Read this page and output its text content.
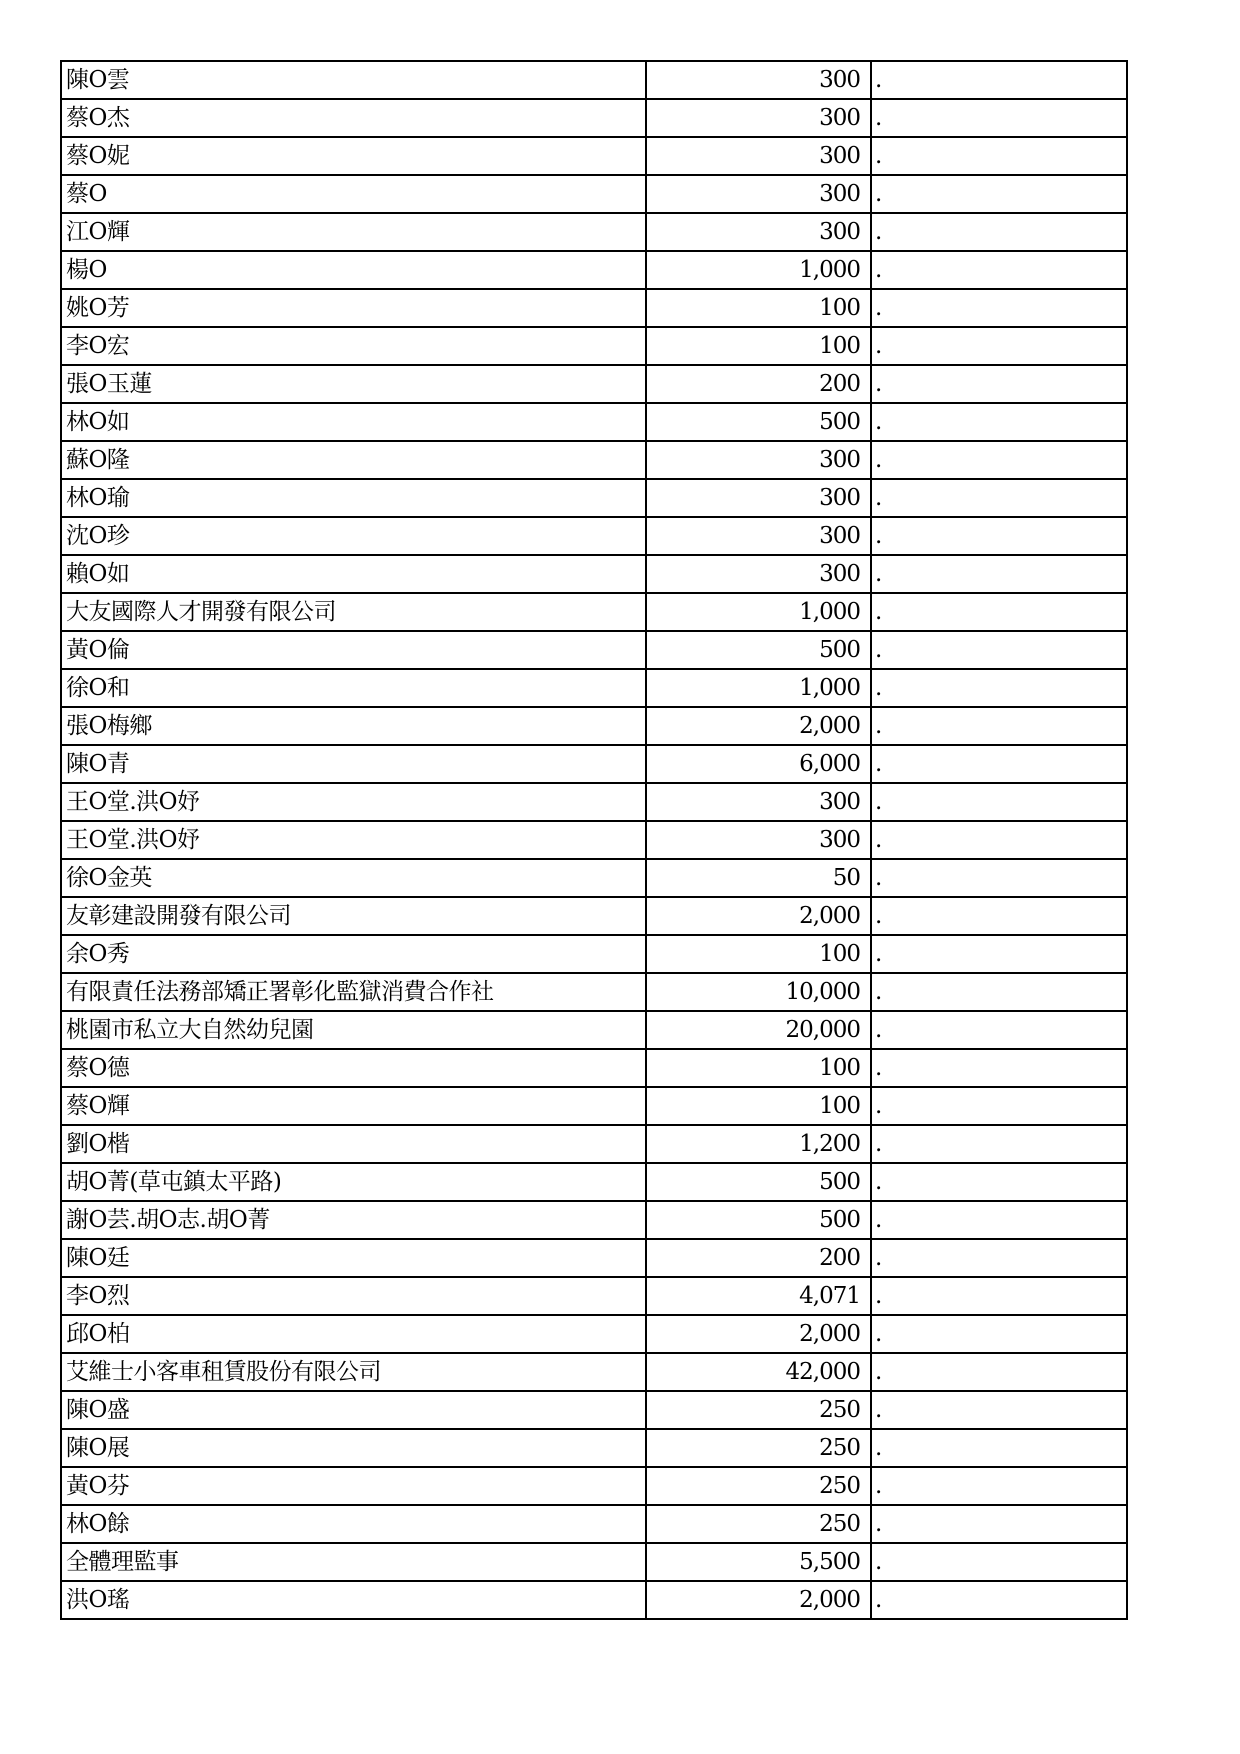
陳O雲	300	.
蔡O杰	300	.
蔡O妮	300	.
蔡O	300	.
江O輝	300	.
楊O	1,000	.
姚O芳	100	.
李O宏	100	.
張O玉蓮	200	.
林O如	500	.
蘇O隆	300	.
林O瑜	300	.
沈O珍	300	.
賴O如	300	.
大友國際人才開發有限公司	1,000	.
黃O倫	500	.
徐O和	1,000	.
張O梅鄉	2,000	.
陳O青	6,000	.
王O堂.洪O妤	300	.
王O堂.洪O妤	300	.
徐O金英	50	.
友彰建設開發有限公司	2,000	.
余O秀	100	.
有限責任法務部矯正署彰化監獄消費合作社	10,000	.
桃園市私立大自然幼兒園	20,000	.
蔡O德	100	.
蔡O輝	100	.
劉O楷	1,200	.
胡O菁(草屯鎮太平路)	500	.
謝O芸.胡O志.胡O菁	500	.
陳O廷	200	.
李O烈	4,071	.
邱O柏	2,000	.
艾維士小客車租賃股份有限公司	42,000	.
陳O盛	250	.
陳O展	250	.
黃O芬	250	.
林O餘	250	.
全體理監事	5,500	.
洪O瑤	2,000	.
